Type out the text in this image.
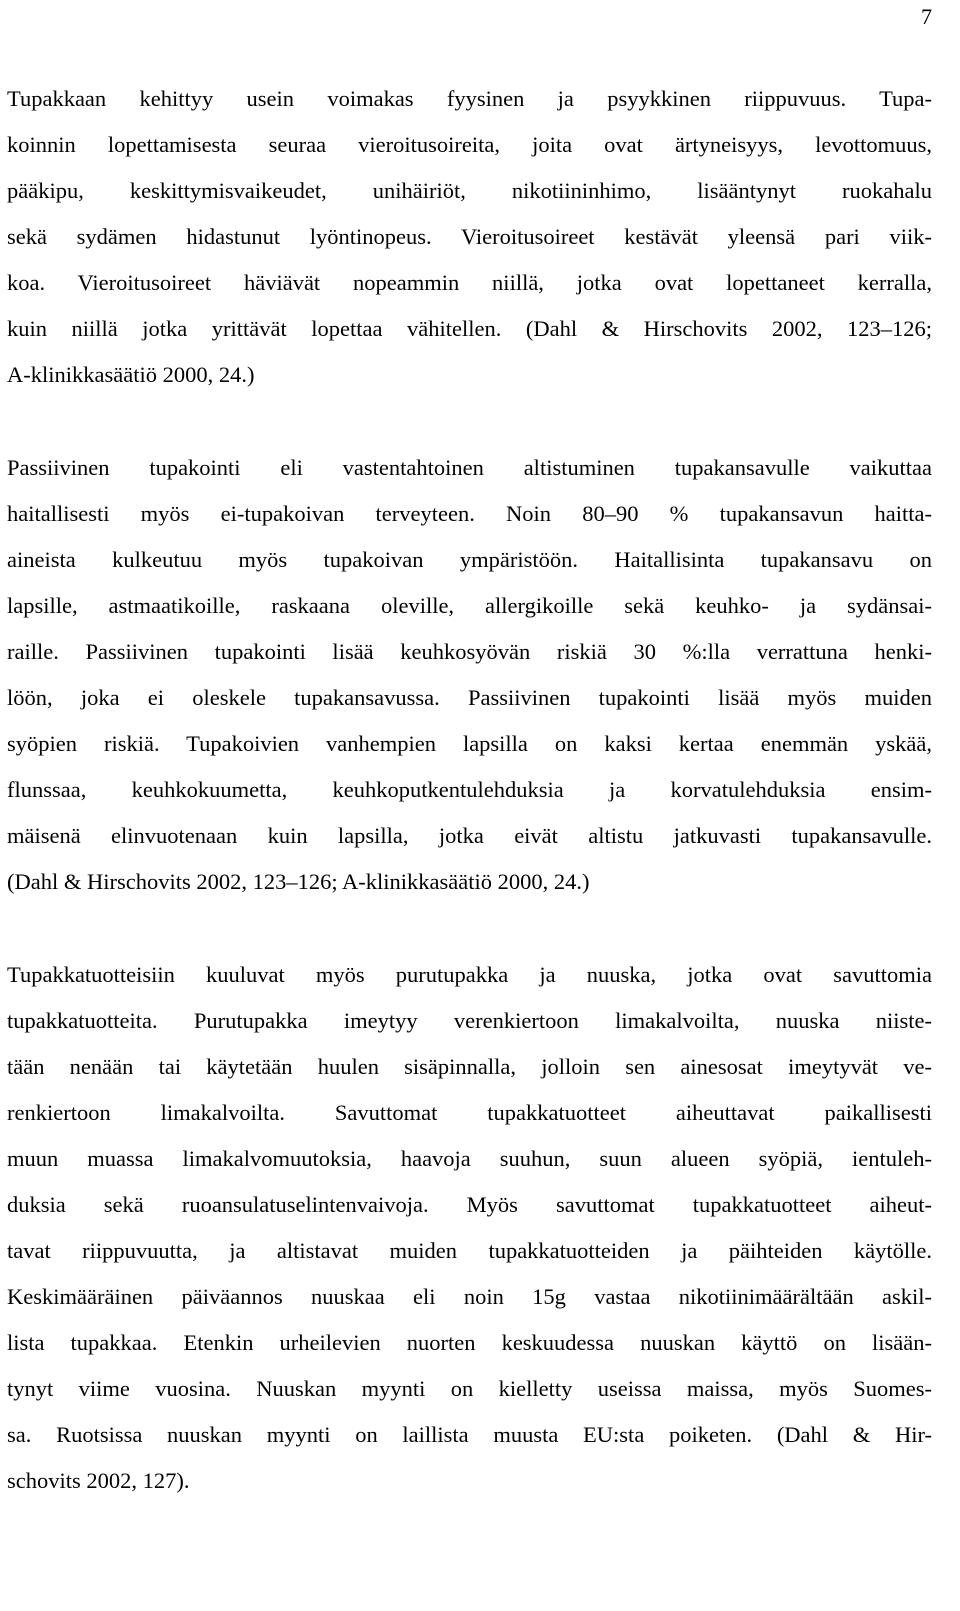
7
Tupakkaan kehittyy usein voimakas fyysinen ja psyykkinen riippuvuus. Tupa-
koinnin lopettamisesta seuraa vieroitusoireita, joita ovat ärtyneisyys, levottomuus,
pääkipu, keskittymisvaikeudet, unihäiriöt, nikotiininhimo, lisääntynyt ruokahalu
sekä sydämen hidastunut lyöntinopeus. Vieroitusoireet kestävät yleensä pari viik-
koa. Vieroitusoireet häviävät nopeammin niillä, jotka ovat lopettaneet kerralla,
kuin niillä jotka yrittävät lopettaa vähitellen. (Dahl & Hirschovits 2002, 123–126;
A-klinikkasäätiö 2000, 24.)
Passiivinen tupakointi eli vastentahtoinen altistuminen tupakansavulle vaikuttaa
haitallisesti myös ei-tupakoivan terveyteen. Noin 80–90 % tupakansavun haitta-
aineista kulkeutuu myös tupakoivan ympäristöön. Haitallisinta tupakansavu on
lapsille, astmaatikoille, raskaana oleville, allergikoille sekä keuhko- ja sydänsai-
raille. Passiivinen tupakointi lisää keuhkosyövän riskiä 30 %:lla verrattuna henki-
löön, joka ei oleskele tupakansavussa. Passiivinen tupakointi lisää myös muiden
syöpien riskiä. Tupakoivien vanhempien lapsilla on kaksi kertaa enemmän yskää,
flunssaa, keuhkokuumetta, keuhkoputkentulehduksia ja korvatulehduksia ensim-
mäisenä elinvuotenaan kuin lapsilla, jotka eivät altistu jatkuvasti tupakansavulle.
(Dahl & Hirschovits 2002, 123–126; A-klinikkasäätiö 2000, 24.)
Tupakkatuotteisiin kuuluvat myös purutupakka ja nuuska, jotka ovat savuttomia
tupakkatuotteita. Purutupakka imeytyy verenkiertoon limakalvoilta, nuuska niiste-
tään nenään tai käytetään huulen sisäpinnalla, jolloin sen ainesosat imeytyvät ve-
renkiertoon limakalvoilta. Savuttomat tupakkatuotteet aiheuttavat paikallisesti
muun muassa limakalvomuutoksia, haavoja suuhun, suun alueen syöpiä, ientuleh-
duksia sekä ruoansulatuselintenvaivoja. Myös savuttomat tupakkatuotteet aiheut-
tavat riippuvuutta, ja altistavat muiden tupakkatuotteiden ja päihteiden käytölle.
Keskimääräinen päiväannos nuuskaa eli noin 15g vastaa nikotiinimäärältään askil-
lista tupakkaa. Etenkin urheilevien nuorten keskuudessa nuuskan käyttö on lisään-
tynyt viime vuosina. Nuuskan myynti on kielletty useissa maissa, myös Suomes-
sa. Ruotsissa nuuskan myynti on laillista muusta EU:sta poiketen. (Dahl & Hir-
schovits 2002, 127).
